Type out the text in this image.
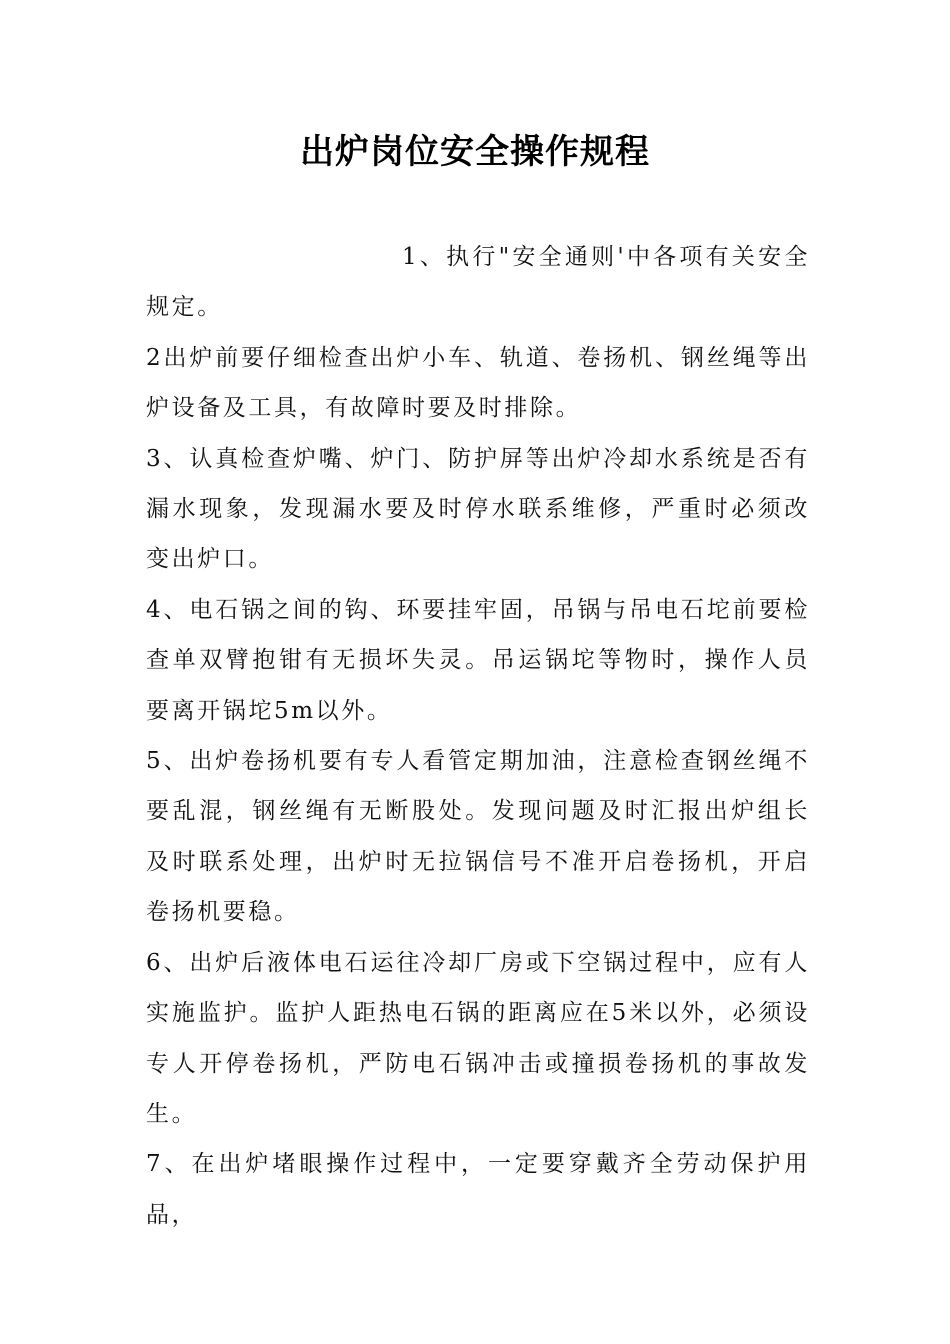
出炉岗位安全操作规程

1、执行"安全通则'中各项有关安全规定。

2出炉前要仔细检查出炉小车、轨道、卷扬机、钢丝绳等出炉设备及工具，有故障时要及时排除。

3、认真检查炉嘴、炉门、防护屏等出炉冷却水系统是否有漏水现象，发现漏水要及时停水联系维修，严重时必须改变出炉口。

4、电石锅之间的钩、环要挂牢固，吊锅与吊电石坨前要检查单双臂抱钳有无损坏失灵。吊运锅坨等物时，操作人员要离开锅坨5m以外。

5、出炉卷扬机要有专人看管定期加油，注意检查钢丝绳不要乱混，钢丝绳有无断股处。发现问题及时汇报出炉组长及时联系处理，出炉时无拉锅信号不准开启卷扬机，开启卷扬机要稳。

6、出炉后液体电石运往冷却厂房或下空锅过程中，应有人实施监护。监护人距热电石锅的距离应在5米以外，必须设专人开停卷扬机，严防电石锅冲击或撞损卷扬机的事故发生。

7、在出炉堵眼操作过程中，一定要穿戴齐全劳动保护用品，
